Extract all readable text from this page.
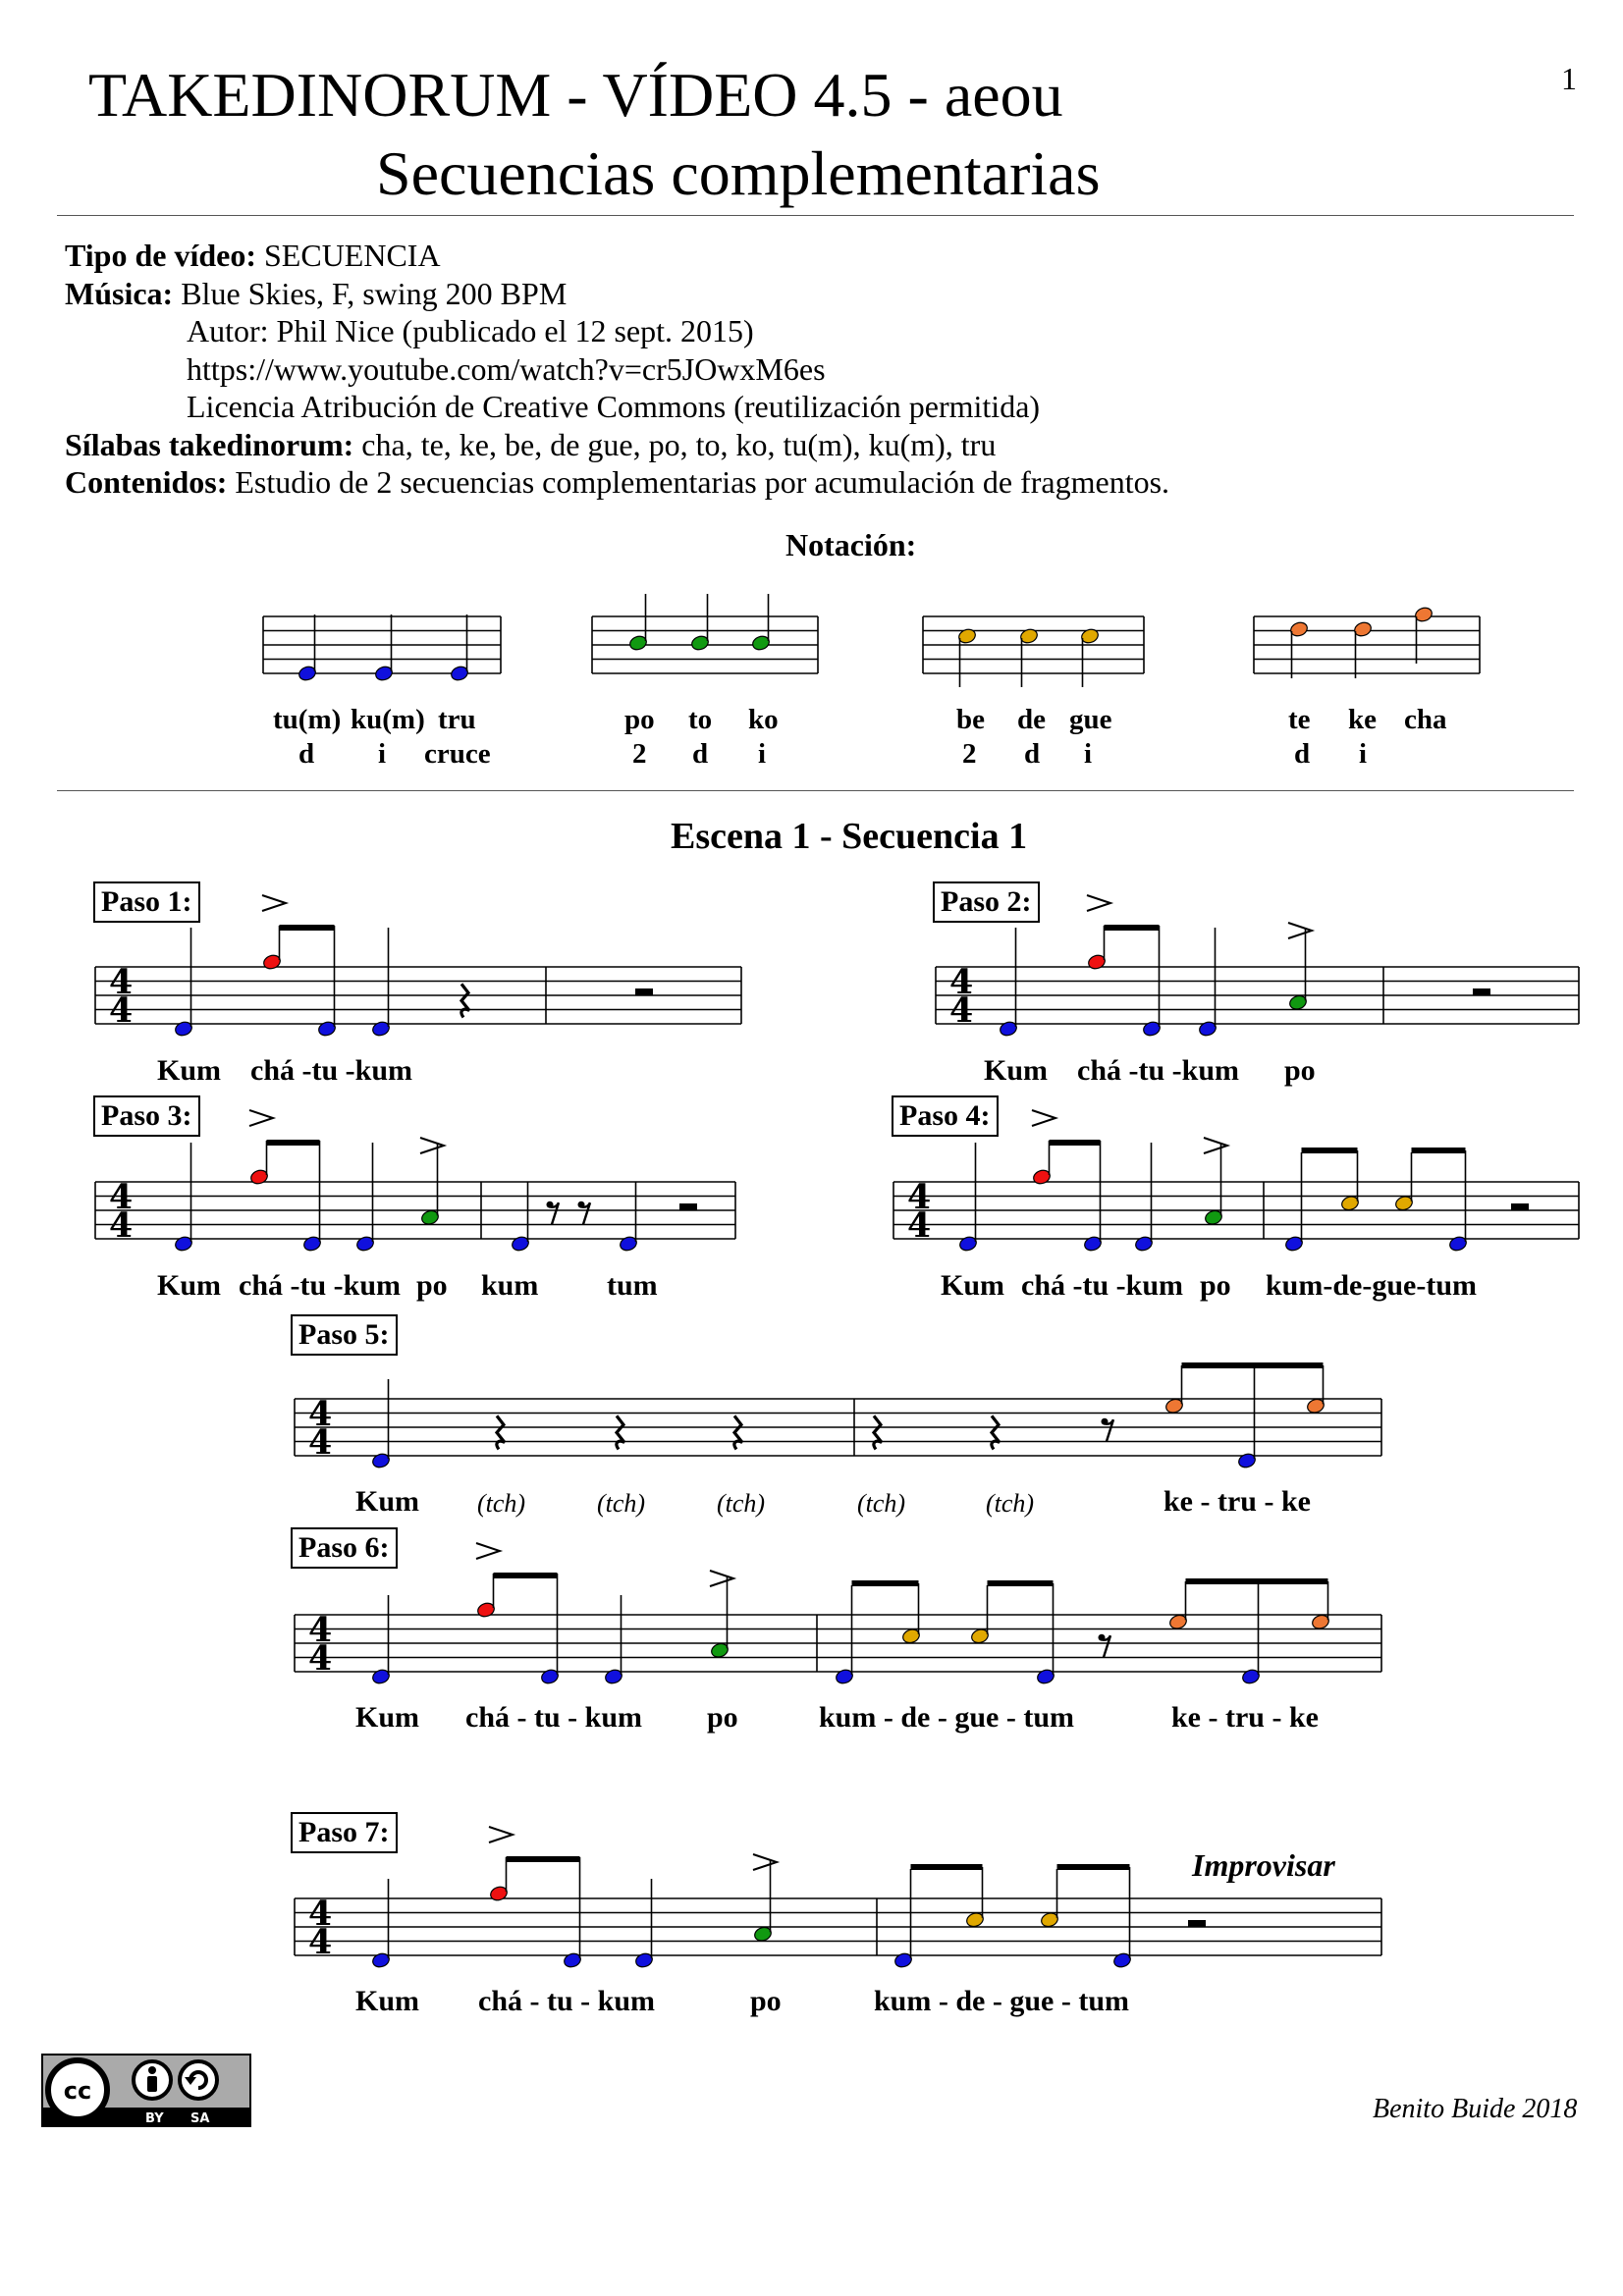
TAKEDINORUM - VÍDEO 4.5 - aeou
Secuencias complementarias
1
Tipo de vídeo: SECUENCIA
Música: Blue Skies, F, swing 200 BPM
Autor: Phil Nice (publicado el 12 sept. 2015)
https://www.youtube.com/watch?v=cr5JOwxM6es
Licencia Atribución de Creative Commons (reutilización permitida)
Sílabas takedinorum: cha, te, ke, be, de gue, po, to, ko, tu(m), ku(m), tru
Contenidos: Estudio de 2 secuencias complementarias por acumulación de fragmentos.
Notación:
tu(m) ku(m) tru
d i cruce
po to ko
2 d i
be de gue
2 d i
te ke cha
d i
Escena 1 - Secuencia 1
Paso 1:	Paso 2:
Paso 3:	Paso 4:
Paso 5:
Paso 6:
Paso 7:
Kum chá -tu -kum	Kum chá -tu -kum po
Kum chá -tu -kum po kum tum	Kum chá -tu -kum po kum-de-gue-tum
Kum (tch)	(tch)	(tch)	(tch)	(tch)	ke - tru - ke
Kum chá - tu - kum po	kum - de - gue - tum	ke - tru - ke
Kum chá - tu - kum	po	kum - de - gue - tum
Improvisar
4
4
4
4
4
4
4
4
4
4
4
4
4
4
cc
BY SA	Benito Buide 2018
